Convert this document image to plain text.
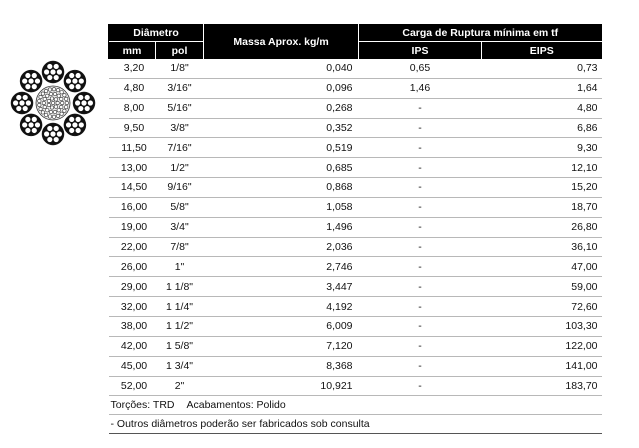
Diâmetro		Massa Aprox. kg/m	Carga de Ruptura mínima em tf	
mm	pol		IPS	EIPS
3,20	1/8"	0,040	0,65	0,73
4,80	3/16"	0,096	1,46	1,64
8,00	5/16"	0,268	-	4,80
9,50	3/8"	0,352	-	6,86
11,50	7/16"	0,519	-	9,30
13,00	1/2"	0,685	-	12,10
14,50	9/16"	0,868	-	15,20
16,00	5/8"	1,058	-	18,70
19,00	3/4"	1,496	-	26,80
22,00	7/8"	2,036	-	36,10
26,00	1"	2,746	-	47,00
29,00	1 1/8"	3,447	-	59,00
32,00	1 1/4"	4,192	-	72,60
38,00	1 1/2"	6,009	-	103,30
42,00	1 5/8"	7,120	-	122,00
45,00	1 3/4"	8,368	-	141,00
52,00	2"	10,921	-	183,70
Torções: TRD Acabamentos: Polido				
- Outros diâmetros poderão ser fabricados sob consulta				
